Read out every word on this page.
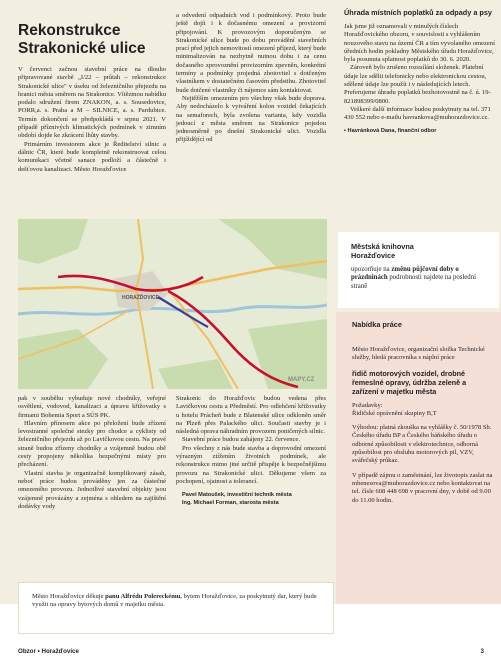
Rekonstrukce
Strakonické ulice

V červenci začnou stavební práce na dlouho připravované stavbě „I/22 – průtah – rekonstrukce Strakonické ulice" v úseku od železničního přejezdu na hranici města směrem na Strakonice. Vítězmou nabídku podalo sdružení firem ZNAKON, a. s. Sousedovice, PORR,a. s. Praha a M – SILNICE, a. s. Pardubice. Termín dokončení se předpokládá v srpnu 2021. V případě příznivých klimatických podmínek v zimním období dojde ke zkrácení lhůty stavby.

Primárním investorem akce je Ředitelství silnic a dálnic ČR, které bude kompletně rekonstruovat celou komunikaci včetně sanace podloží a částečně i dešťovou kanalizaci. Město Horažďovice

a odvedení odpadních vod i podmínkový. Proto bude ještě dojít i k dočasnému omezení a provizorní připojování. K provozovým doporučeným se Strakonické ulice bude po dobu provádění stavebních prací před jejich nemovitostí omezení příjezd, který bude minimalizován na nezbytně nutnou dobu i za cenu dočasného zprovoznění provizorním zpevněn, konkrétní termíny a podmínky projedná zhotovitel s dotčeným vlastníkem v dostatečném časovém předstihu. Zhotovitel bude dotčené vlastníky či nájemce sám kontaktovat.

Nejtěžším omezením pro všechny však bude doprava. Aby nedocházelo k vytváření kolon vozidel čekajících na semaforech, byla zvolena varianta, kdy vozidla jedoucí z města směrem na Strakonice pojedou jednosměrně po dnešní Strakonické ulici. Vozidla přijíždějící od

HORAŽĎOVICE
MAPY.CZ

pak v souběhu vybuduje nové chodníky, veřejné osvětlení, vodovod, kanalizaci a úpravu křižovatky s firmami Bohemia Sport a SÚS PK.

Hlavním přínosem akce po přeložení bude zřízení levostranné společné stezky pro chodce a cyklisty od železničního přejezdu až po Lavičkovou cestu. Na pravé straně budou zřízeny chodníky a vzájemně budou obě cesty propojeny několika bezpečnými místy pro přecházení.

Vlastní stavba je organizačně komplikovaný zásah, neboť práce budou prováděny jen za částečné omezeného provozu. Jednotlivé stavební objekty jsou vzájemně provázány a zejména s ohledem na zajištění dodávky vody

Strakonic do Horažďovic budou vedena přes Lavičkovou cestu a Předměstí. Pro odlehčení křižovatky u hotelu Prácheň bude z Blatenské ulice odkloněn směr na Plzeň přes Palackého ulici. Současti stavby je i následná oprava náhradním provozem poničených silnic.

Stavební práce budou zahájeny 22. července.

Pro všechny z nás bude stavba a doprovodní omezení výrazným ztížením životních podmínek, ale rekonstrukce mimo jiné určitě přispěje k bezpečnějšímu provozu na Strakonické ulici. Děkujeme všem za pochopení, ojatnost a tolerancí.

Pavel Matoušek, investiční technik města
Ing. Michael Forman, starosta města
Město Horažďovice děkuje panu Alfrédu Polereckému, bytem Horažďovice, za poskytnutý dar, který bude využit na opravy bytových domů v majetku města.
Úhrada místních poplatků za odpady a psy

Jak jsme již oznamovali v minulých číslech Horažďovického obzoru, v souvislosti s vyhlášením nouzového stavu na území ČR a tím vyvolaného omezení úředních hodin pokladny Městského úřadu Horažďovice, byla posunuta splatnost poplatků do 30. 6. 2020.

Zároveň bylo zrušeno rozesílání složenek. Platební údaje lze sdělit telefonicky nebo elektronickou cestou, sdělené údaje lze použít i v následujících letech. Preferujeme úhradu poplatků bezhotovostně na č. ú. 19-821898399/0800.

Veškeré další informace budou poskytnuty na tel. 371 430 552 nebo e-mailu havrankova@muhorazdovice.cz.

▪ Havránková Dana, finanční odbor
Městská knihovna
Horažďovice
upozorňuje na změnu půjčovní doby o prázdninách podrobnosti najdete na poslední straně
Nabídka práce

Město Horažďovice, organizační složka Technické služby, hledá pracovníka s náplní práce

řidič motorových vozidel, drobné řemeslné opravy, údržba zeleně a zařízení v majetku města

Požadavky:

Řidičské oprávnění skupiny B,T

Výhodou: platná zkouška na vyhlášky č. 50/1978 Sb. Českého úřadu BP a Českého báňského úřadu o odborné způsobilosti v elektrotechnice, odborná způsobilost pro obsluhu motorových pil, VZV, svářečský průkaz.

V případě zájmu o zaměstnání, lze životopis zaslat na mbenesova@muhorazdovice.cz nebo kontaktovat na tel. čísle 608 448 698 v pracovní dny, v době od 9.00 do 11.00 hodin.

Obzor • Horažďovice	3
